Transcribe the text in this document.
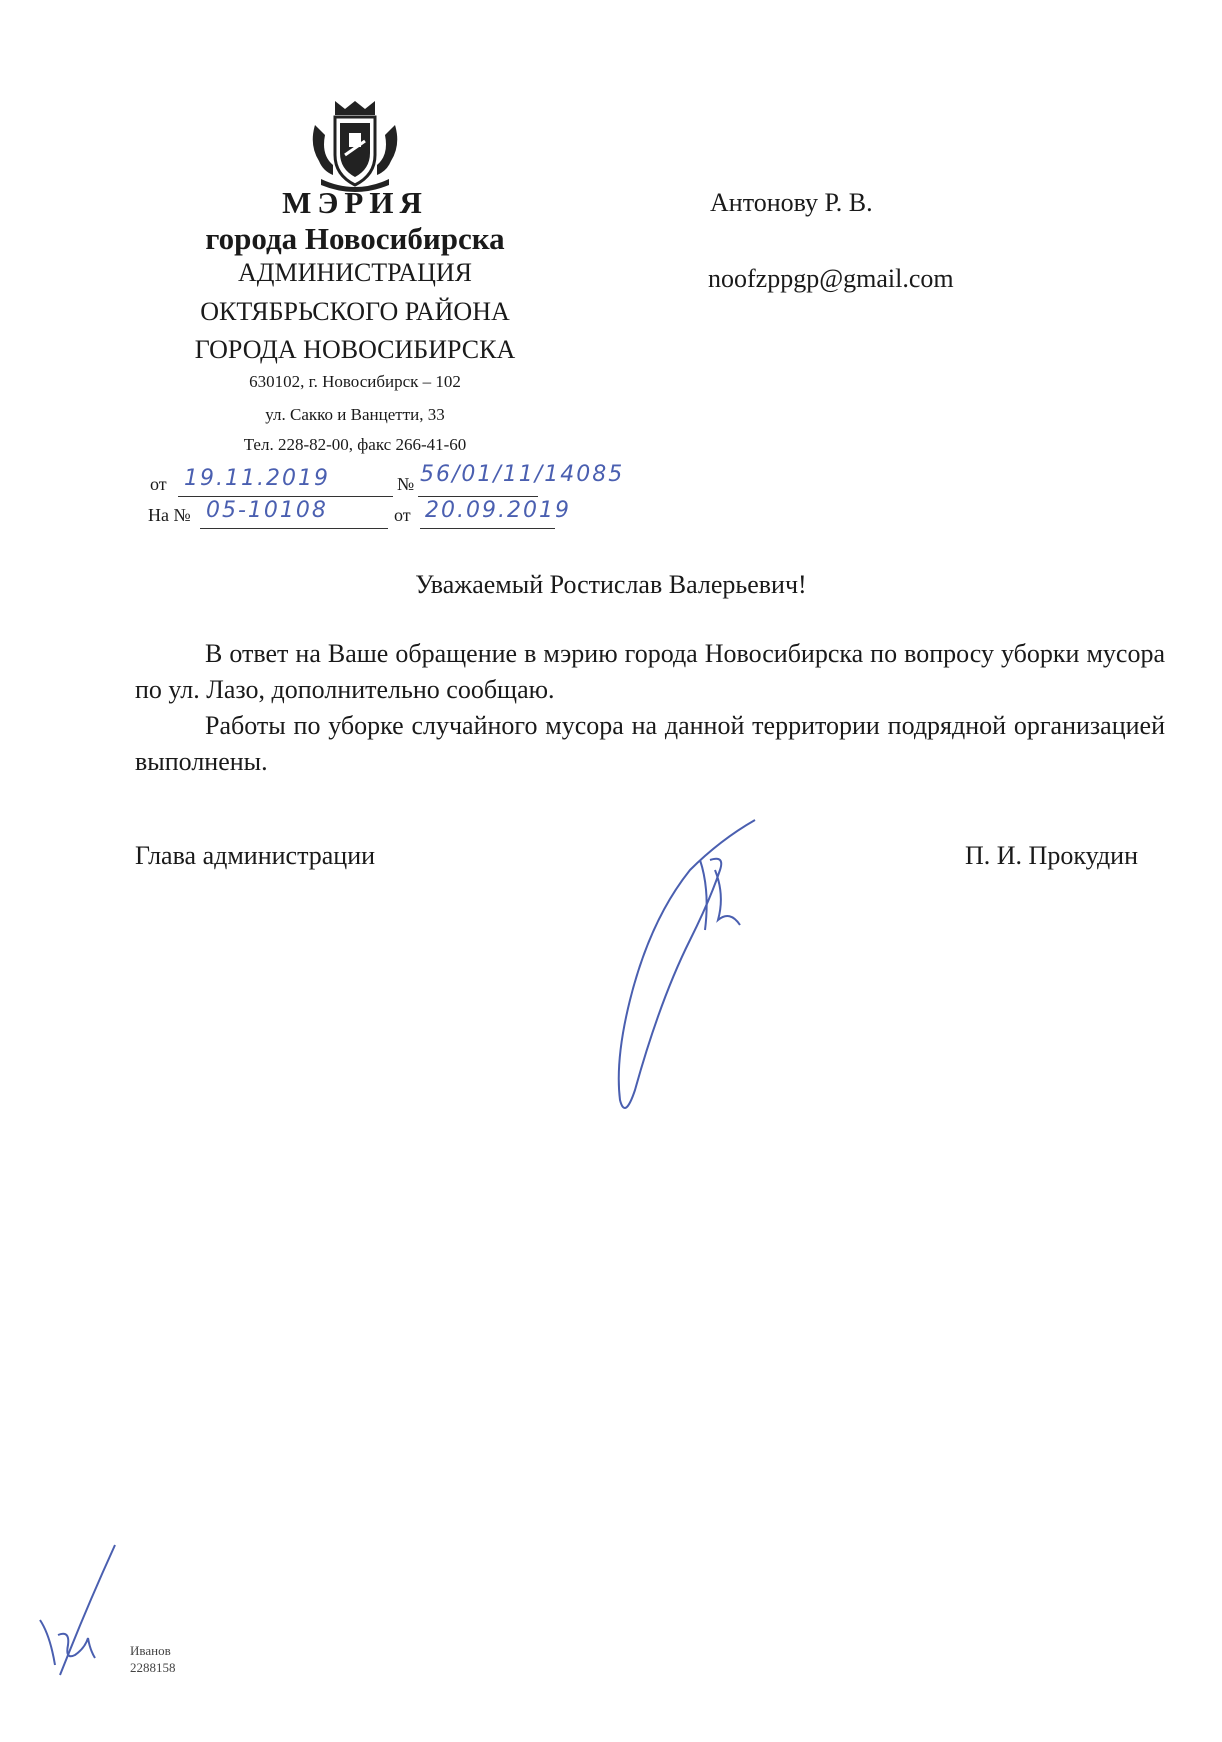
МЭРИЯ
города Новосибирска
АДМИНИСТРАЦИЯ
ОКТЯБРЬСКОГО РАЙОНА
ГОРОДА НОВОСИБИРСКА
630102, г. Новосибирск – 102
ул. Сакко и Ванцетти, 33
Тел. 228-82-00, факс 266-41-60
от 19.11.2019	№ 56/01/11/14085
На № 05-10108	от 20.09.2019
Антонову Р. В.
noofzppgp@gmail.com
Уважаемый Ростислав Валерьевич!
В ответ на Ваше обращение в мэрию города Новосибирска по вопросу уборки мусора по ул. Лазо, дополнительно сообщаю.
Работы по уборке случайного мусора на данной территории подрядной организацией выполнены.
Глава администрации	П. И. Прокудин
Иванов
2288158
